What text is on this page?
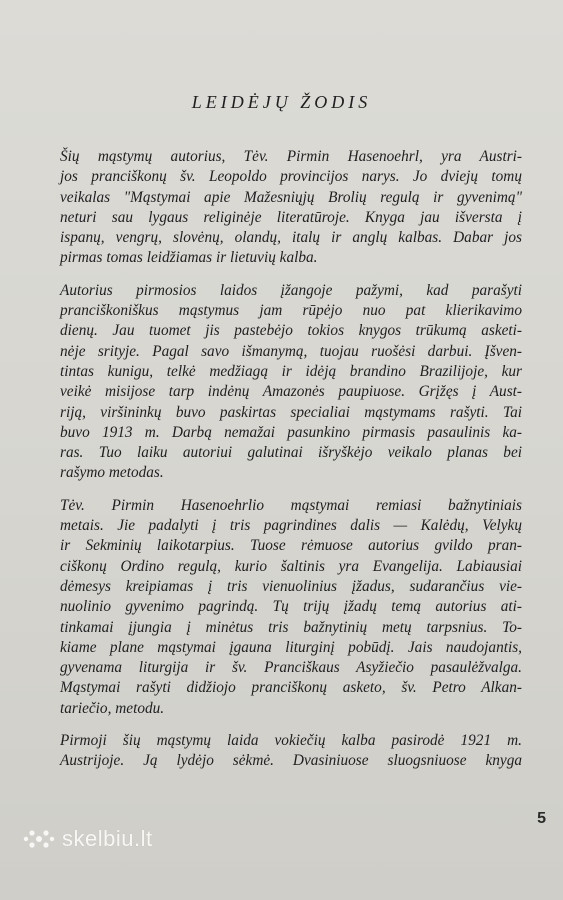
LEIDĖJŲ ŽODIS
Šių mąstymų autorius, Tėv. Pirmin Hasenoehrl, yra Austri-
jos pranciškonų šv. Leopoldo provincijos narys. Jo dviejų tomų
veikalas "Mąstymai apie Mažesniųjų Brolių regulą ir gyvenimą"
neturi sau lygaus religinėje literatūroje. Knyga jau išversta į
ispanų, vengrų, slovėnų, olandų, italų ir anglų kalbas. Dabar jos
pirmas tomas leidžiamas ir lietuvių kalba.
Autorius pirmosios laidos įžangoje pažymi, kad parašyti
pranciškoniškus mąstymus jam rūpėjo nuo pat klierikavimo
dienų. Jau tuomet jis pastebėjo tokios knygos trūkumą asketi-
nėje srityje. Pagal savo išmanymą, tuojau ruošėsi darbui. Įšven-
tintas kunigu, telkė medžiagą ir idėją brandino Brazilijoje, kur
veikė misijose tarp indėnų Amazonės paupiuose. Grįžęs į Aust-
riją, viršininkų buvo paskirtas specialiai mąstymams rašyti. Tai
buvo 1913 m. Darbą nemažai pasunkino pirmasis pasaulinis ka-
ras. Tuo laiku autoriui galutinai išryškėjo veikalo planas bei
rašymo metodas.
Tėv. Pirmin Hasenoehrlio mąstymai remiasi bažnytiniais
metais. Jie padalyti į tris pagrindines dalis — Kalėdų, Velykų
ir Sekminių laikotarpius. Tuose rėmuose autorius gvildo pran-
ciškonų Ordino regulą, kurio šaltinis yra Evangelija. Labiausiai
dėmesys kreipiamas į tris vienuolinius įžadus, sudarančius vie-
nuolinio gyvenimo pagrindą. Tų trijų įžadų temą autorius ati-
tinkamai įjungia į minėtus tris bažnytinių metų tarpsnius. To-
kiame plane mąstymai įgauna liturginį pobūdį. Jais naudojantis,
gyvenama liturgija ir šv. Pranciškaus Asyžiečio pasaulėžvalga.
Mąstymai rašyti didžiojo pranciškonų asketo, šv. Petro Alkan-
tariečio, metodu.
Pirmoji šių mąstymų laida vokiečių kalba pasirodė 1921 m.
Austrijoje. Ją lydėjo sėkmė. Dvasiniuose sluogsniuose knyga
5
skelbiu.lt
